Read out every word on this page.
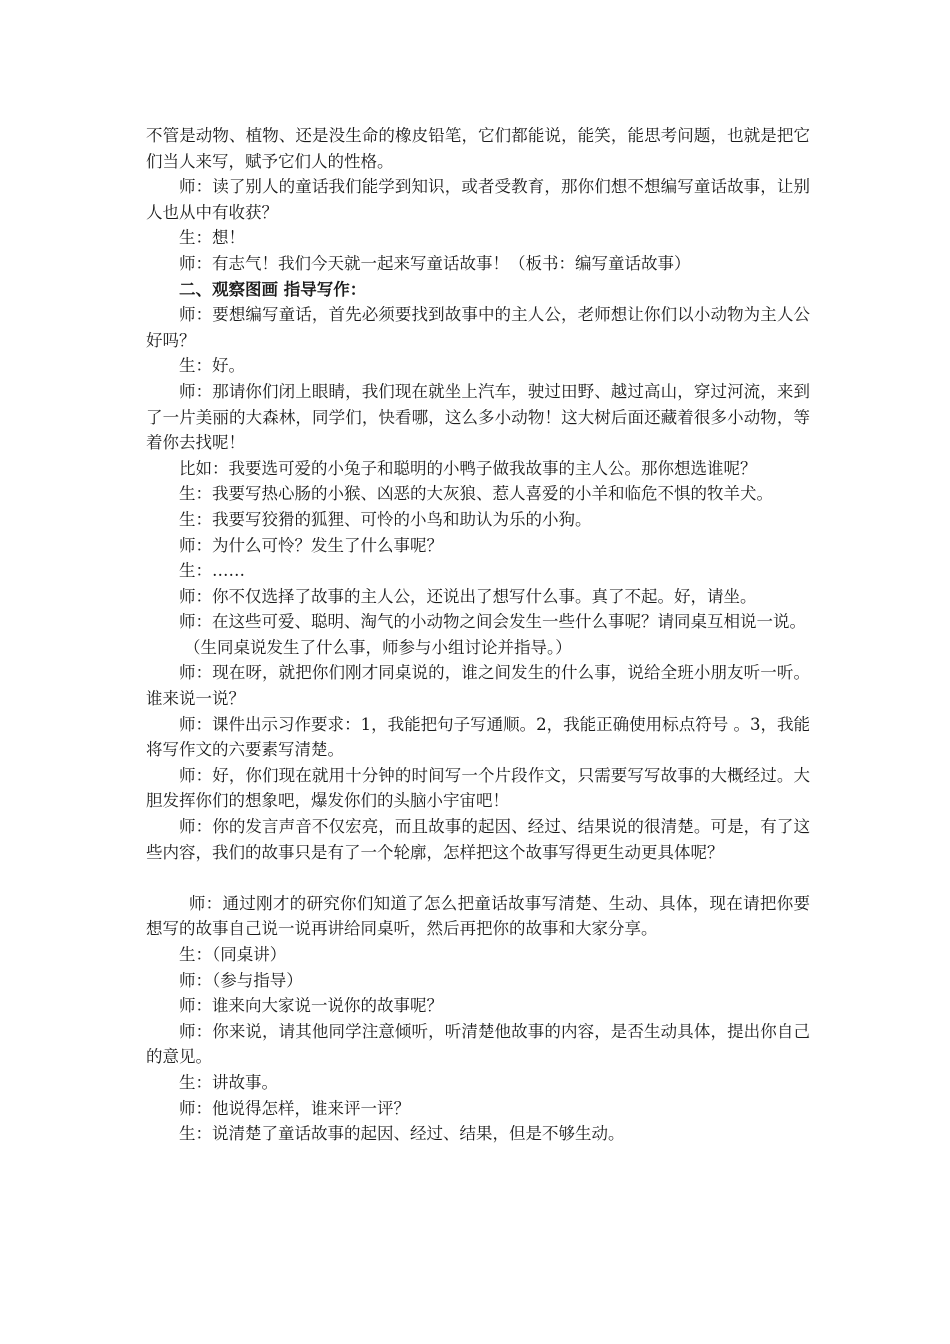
不管是动物、植物、还是没生命的橡皮铅笔，它们都能说，能笑，能思考问题，也就是把它们当人来写，赋予它们人的性格。

师：读了别人的童话我们能学到知识，或者受教育，那你们想不想编写童话故事，让别人也从中有收获？

生：想！

师：有志气！我们今天就一起来写童话故事！（板书：编写童话故事）

二、观察图画 指导写作：

师：要想编写童话，首先必须要找到故事中的主人公，老师想让你们以小动物为主人公好吗？

生：好。

师：那请你们闭上眼睛，我们现在就坐上汽车，驶过田野、越过高山，穿过河流，来到了一片美丽的大森林，同学们，快看哪，这么多小动物！这大树后面还藏着很多小动物，等着你去找呢！

比如：我要选可爱的小兔子和聪明的小鸭子做我故事的主人公。那你想选谁呢？

生：我要写热心肠的小猴、凶恶的大灰狼、惹人喜爱的小羊和临危不惧的牧羊犬。

生：我要写狡猾的狐狸、可怜的小鸟和助认为乐的小狗。

师：为什么可怜？发生了什么事呢？

生：……

师：你不仅选择了故事的主人公，还说出了想写什么事。真了不起。好，请坐。

师：在这些可爱、聪明、淘气的小动物之间会发生一些什么事呢？请同桌互相说一说。

（生同桌说发生了什么事，师参与小组讨论并指导。）

师：现在呀，就把你们刚才同桌说的，谁之间发生的什么事，说给全班小朋友听一听。谁来说一说？

师：课件出示习作要求：1，我能把句子写通顺。2，我能正确使用标点符号 。3，我能将写作文的六要素写清楚。

师：好，你们现在就用十分钟的时间写一个片段作文，只需要写写故事的大概经过。大胆发挥你们的想象吧，爆发你们的头脑小宇宙吧！

师：你的发言声音不仅宏亮，而且故事的起因、经过、结果说的很清楚。可是，有了这些内容，我们的故事只是有了一个轮廓，怎样把这个故事写得更生动更具体呢？

师：通过刚才的研究你们知道了怎么把童话故事写清楚、生动、具体，现在请把你要想写的故事自己说一说再讲给同桌听，然后再把你的故事和大家分享。

生：（同桌讲）

师：（参与指导）

师：谁来向大家说一说你的故事呢？

师：你来说，请其他同学注意倾听，听清楚他故事的内容，是否生动具体，提出你自己的意见。

生：讲故事。

师：他说得怎样，谁来评一评？

生：说清楚了童话故事的起因、经过、结果，但是不够生动。
